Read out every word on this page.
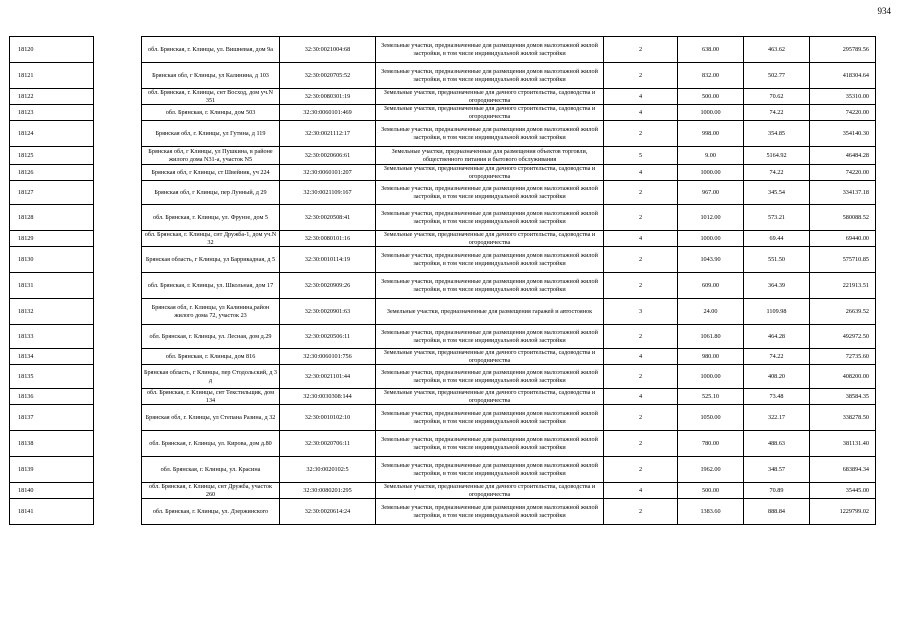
934
18120		обл. Брянская, г. Клинцы, ул. Вишневая, дом 9а	32:30:0021004:68	Земельные участки, предназначенные для размещения домов малоэтажной жилой застройки, в том числе индивидуальной жилой застройки	2	638.00	463.62	295789.56
18121		Брянская обл, г Клинцы, ул Калинина, д 103	32:30:0020705:52	Земельные участки, предназначенные для размещения домов малоэтажной жилой застройки, в том числе индивидуальной жилой застройки	2	832.00	502.77	418304.64
18122		обл. Брянская, г. Клинцы, снт Восход, дом уч.N 351	32:30:0080301:19	Земельные участки, предназначенные для дачного строительства, садоводства и огородничества	4	500.00	70.62	35310.00
18123		обл. Брянская, г. Клинцы, дом 503	32:30:0060101:469	Земельные участки, предназначенные для дачного строительства, садоводства и огородничества	4	1000.00	74.22	74220.00
18124		Брянская обл, г. Клинцы, ул Гутина, д 119	32:30:0021112:17	Земельные участки, предназначенные для размещения домов малоэтажной жилой застройки, в том числе индивидуальной жилой застройки	2	998.00	354.85	354140.30
18125		Брянская обл, г Клинцы, ул Пушкина, в районе жилого дома N31-а, участок N5	32:30:0020606:61	Земельные участки, предназначенные для размещения объектов торговли, общественного питания и бытового обслуживания	5	9.00	5164.92	46484.28
18126		Брянская обл, г Клинцы, ст Швейник, уч 224	32:30:0060101:207	Земельные участки, предназначенные для дачного строительства, садоводства и огородничества	4	1000.00	74.22	74220.00
18127		Брянская обл, г Клинцы, пер Лунный, д 29	32:30:0021109:167	Земельные участки, предназначенные для размещения домов малоэтажной жилой застройки, в том числе индивидуальной жилой застройки	2	967.00	345.54	334137.18
18128		обл. Брянская, г. Клинцы, ул. Фрунзе, дом 5	32:30:0020508:41	Земельные участки, предназначенные для размещения домов малоэтажной жилой застройки, в том числе индивидуальной жилой застройки	2	1012.00	573.21	580088.52
18129		обл. Брянская, г. Клинцы, снт Дружба-1, дом уч.N 32	32:30:0080101:16	Земельные участки, предназначенные для дачного строительства, садоводства и огородничества	4	1000.00	69.44	69440.00
18130		Брянская область, г Клинцы, ул Баррикадная, д 5	32:30:0010114:19	Земельные участки, предназначенные для размещения домов малоэтажной жилой застройки, в том числе индивидуальной жилой застройки	2	1043.90	551.50	575710.85
18131		обл. Брянская, г. Клинцы, ул. Школьная, дом 17	32:30:0020909:26	Земельные участки, предназначенные для размещения домов малоэтажной жилой застройки, в том числе индивидуальной жилой застройки	2	609.00	364.39	221913.51
18132		Брянская обл, г. Клинцы, ул Калинина,район жилого дома 72, участок 23	32:30:0020901:63	Земельные участки, предназначенные для размещения гаражей и автостоянок	3	24.00	1109.98	26639.52
18133		обл. Брянская, г. Клинцы, ул. Лесная, дом д.29	32:30:0020506:11	Земельные участки, предназначенные для размещения домов малоэтажной жилой застройки, в том числе индивидуальной жилой застройки	2	1061.80	464.28	492972.50
18134		обл. Брянская, г. Клинцы, дом 816	32:30:0060101:756	Земельные участки, предназначенные для дачного строительства, садоводства и огородничества	4	980.00	74.22	72735.60
18135		Брянская область, г Клинцы, пер Стодольский, д 3 д	32:30:0021101:44	Земельные участки, предназначенные для размещения домов малоэтажной жилой застройки, в том числе индивидуальной жилой застройки	2	1000.00	408.20	408200.00
18136		обл. Брянская, г. Клинцы, снт Текстильщик, дом 134	32:30:0030308:144	Земельные участки, предназначенные для дачного строительства, садоводства и огородничества	4	525.10	73.48	38584.35
18137		Брянская обл, г. Клинцы, ул Степана Разина, д 32	32:30:0010102:10	Земельные участки, предназначенные для размещения домов малоэтажной жилой застройки, в том числе индивидуальной жилой застройки	2	1050.00	322.17	338278.50
18138		обл. Брянская, г. Клинцы, ул. Кирова, дом д.80	32:30:0020706:11	Земельные участки, предназначенные для размещения домов малоэтажной жилой застройки, в том числе индивидуальной жилой застройки	2	780.00	488.63	381131.40
18139		обл. Брянская, г. Клинцы, ул. Красина	32:30:0020102:5	Земельные участки, предназначенные для размещения домов малоэтажной жилой застройки, в том числе индивидуальной жилой застройки	2	1962.00	348.57	683894.34
18140		обл. Брянская, г. Клинцы, снт Дружба, участок 260	32:30:0080201:295	Земельные участки, предназначенные для дачного строительства, садоводства и огородничества	4	500.00	70.89	35445.00
18141		обл. Брянская, г. Клинцы, ул. Дзержинского	32:30:0020614:24	Земельные участки, предназначенные для размещения домов малоэтажной жилой застройки, в том числе индивидуальной жилой застройки	2	1383.60	888.84	1229799.02
